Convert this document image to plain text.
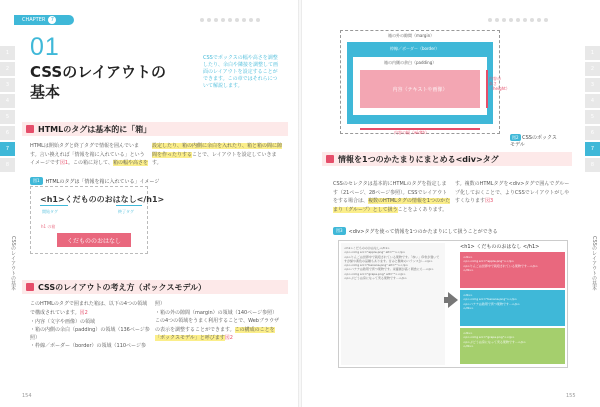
1
2
3
4
5
6
7
8
CSSのレイアウトの基本
1
2
3
4
5
6
7
8
CSSのレイアウトの基本
CHAPTER	7
01
CSSのレイアウトの
基本
CSSでボックスの幅や高さを調整したり、余白や隣接を調整して画面のレイアウトを設定することができます。この章ではそれらについて解説します。
HTMLのタグは基本的に「箱」
HTMLは開始タグと終了タグで情報を囲んでいます。言い換えれば「情報を箱に入れている」というイメージです図1。この箱に対して、箱の幅や高さを
設定したり、箱の内側に余白を入れたり、箱と箱の間に隙間を作ったりすることで、レイアウトを設定していきます。
図1	HTMLのタグは「情報を箱に入れている」イメージ
<h1>くだもののおはなし</h1>
開始タグ	終了タグ
h1 の箱
くだもののおはなし
CSSのレイアウトの考え方（ボックスモデル）
このHTMLのタグで囲まれた箱は、以下の4つの領域で構成されています。図2
・内容（文字や画像）の領域
・箱の内側の余白（padding）の領域（136ページ参照）
・枠線／ボーダー（border）の領域（110ページ参
照）
・箱の外の隙間（margin）の領域（140ページ参照）
この4つの領域をうまく利用することで、Webブラウザの表示を調整することができます。この構成のことを「ボックスモデル」と呼びます図2
154
箱の外の隙間（margin）
枠線／ボーダー（border）
箱の内側の余白（padding）
内容（テキストや画像）
内容の高さ（height）
内容の幅（width）
図2 CSSのボックス
モデル
情報を1つのかたまりにまとめる<div>タグ
CSSのセレクタは基本的にHTMLのタグを指定します（21ページ、28ページ参照）。CSSでレイアウトをする場合は、複数のHTMLタグの情報を1つのかたまり（グループ）として扱うことをよくあります。
す。複数のHTMLタグを<div>タグで囲んでグループ化しておくことで、よりCSSでレイアウトがしやすくなります図3
図3	<div>タグを使って情報を1つのかたまりにして扱うことができる
<h1>くだもののおはなし</h1>
<p><img src="apple.png" alt=""></p>
<p>りんごは世界中で栽培されている果物です。「赤い」印象が強いですが緑や黄色の品種もあります。甘みと酸味のバランスが…</p>
<p><img src="banana.png" alt=""></p>
<p>バナナは熱帯で育つ果物です。栄養価が高く朝食にも…</p>
<p><img src="grape.png" alt=""></p>
<p>ぶどうは房になって実る果物です…</p>
<h1> くだもののおはなし </h1>
<div>
<p><img src="apple.png"></p>
<p>りんごは世界中で栽培されている果物です…</p>
</div>
<div>
<p><img src="banana.png"></p>
<p>バナナは熱帯で育つ果物です…</p>
</div>
<div>
<p><img src="grape.png"></p>
<p>ぶどうは房になって実る果物です…</p>
</div>
155
